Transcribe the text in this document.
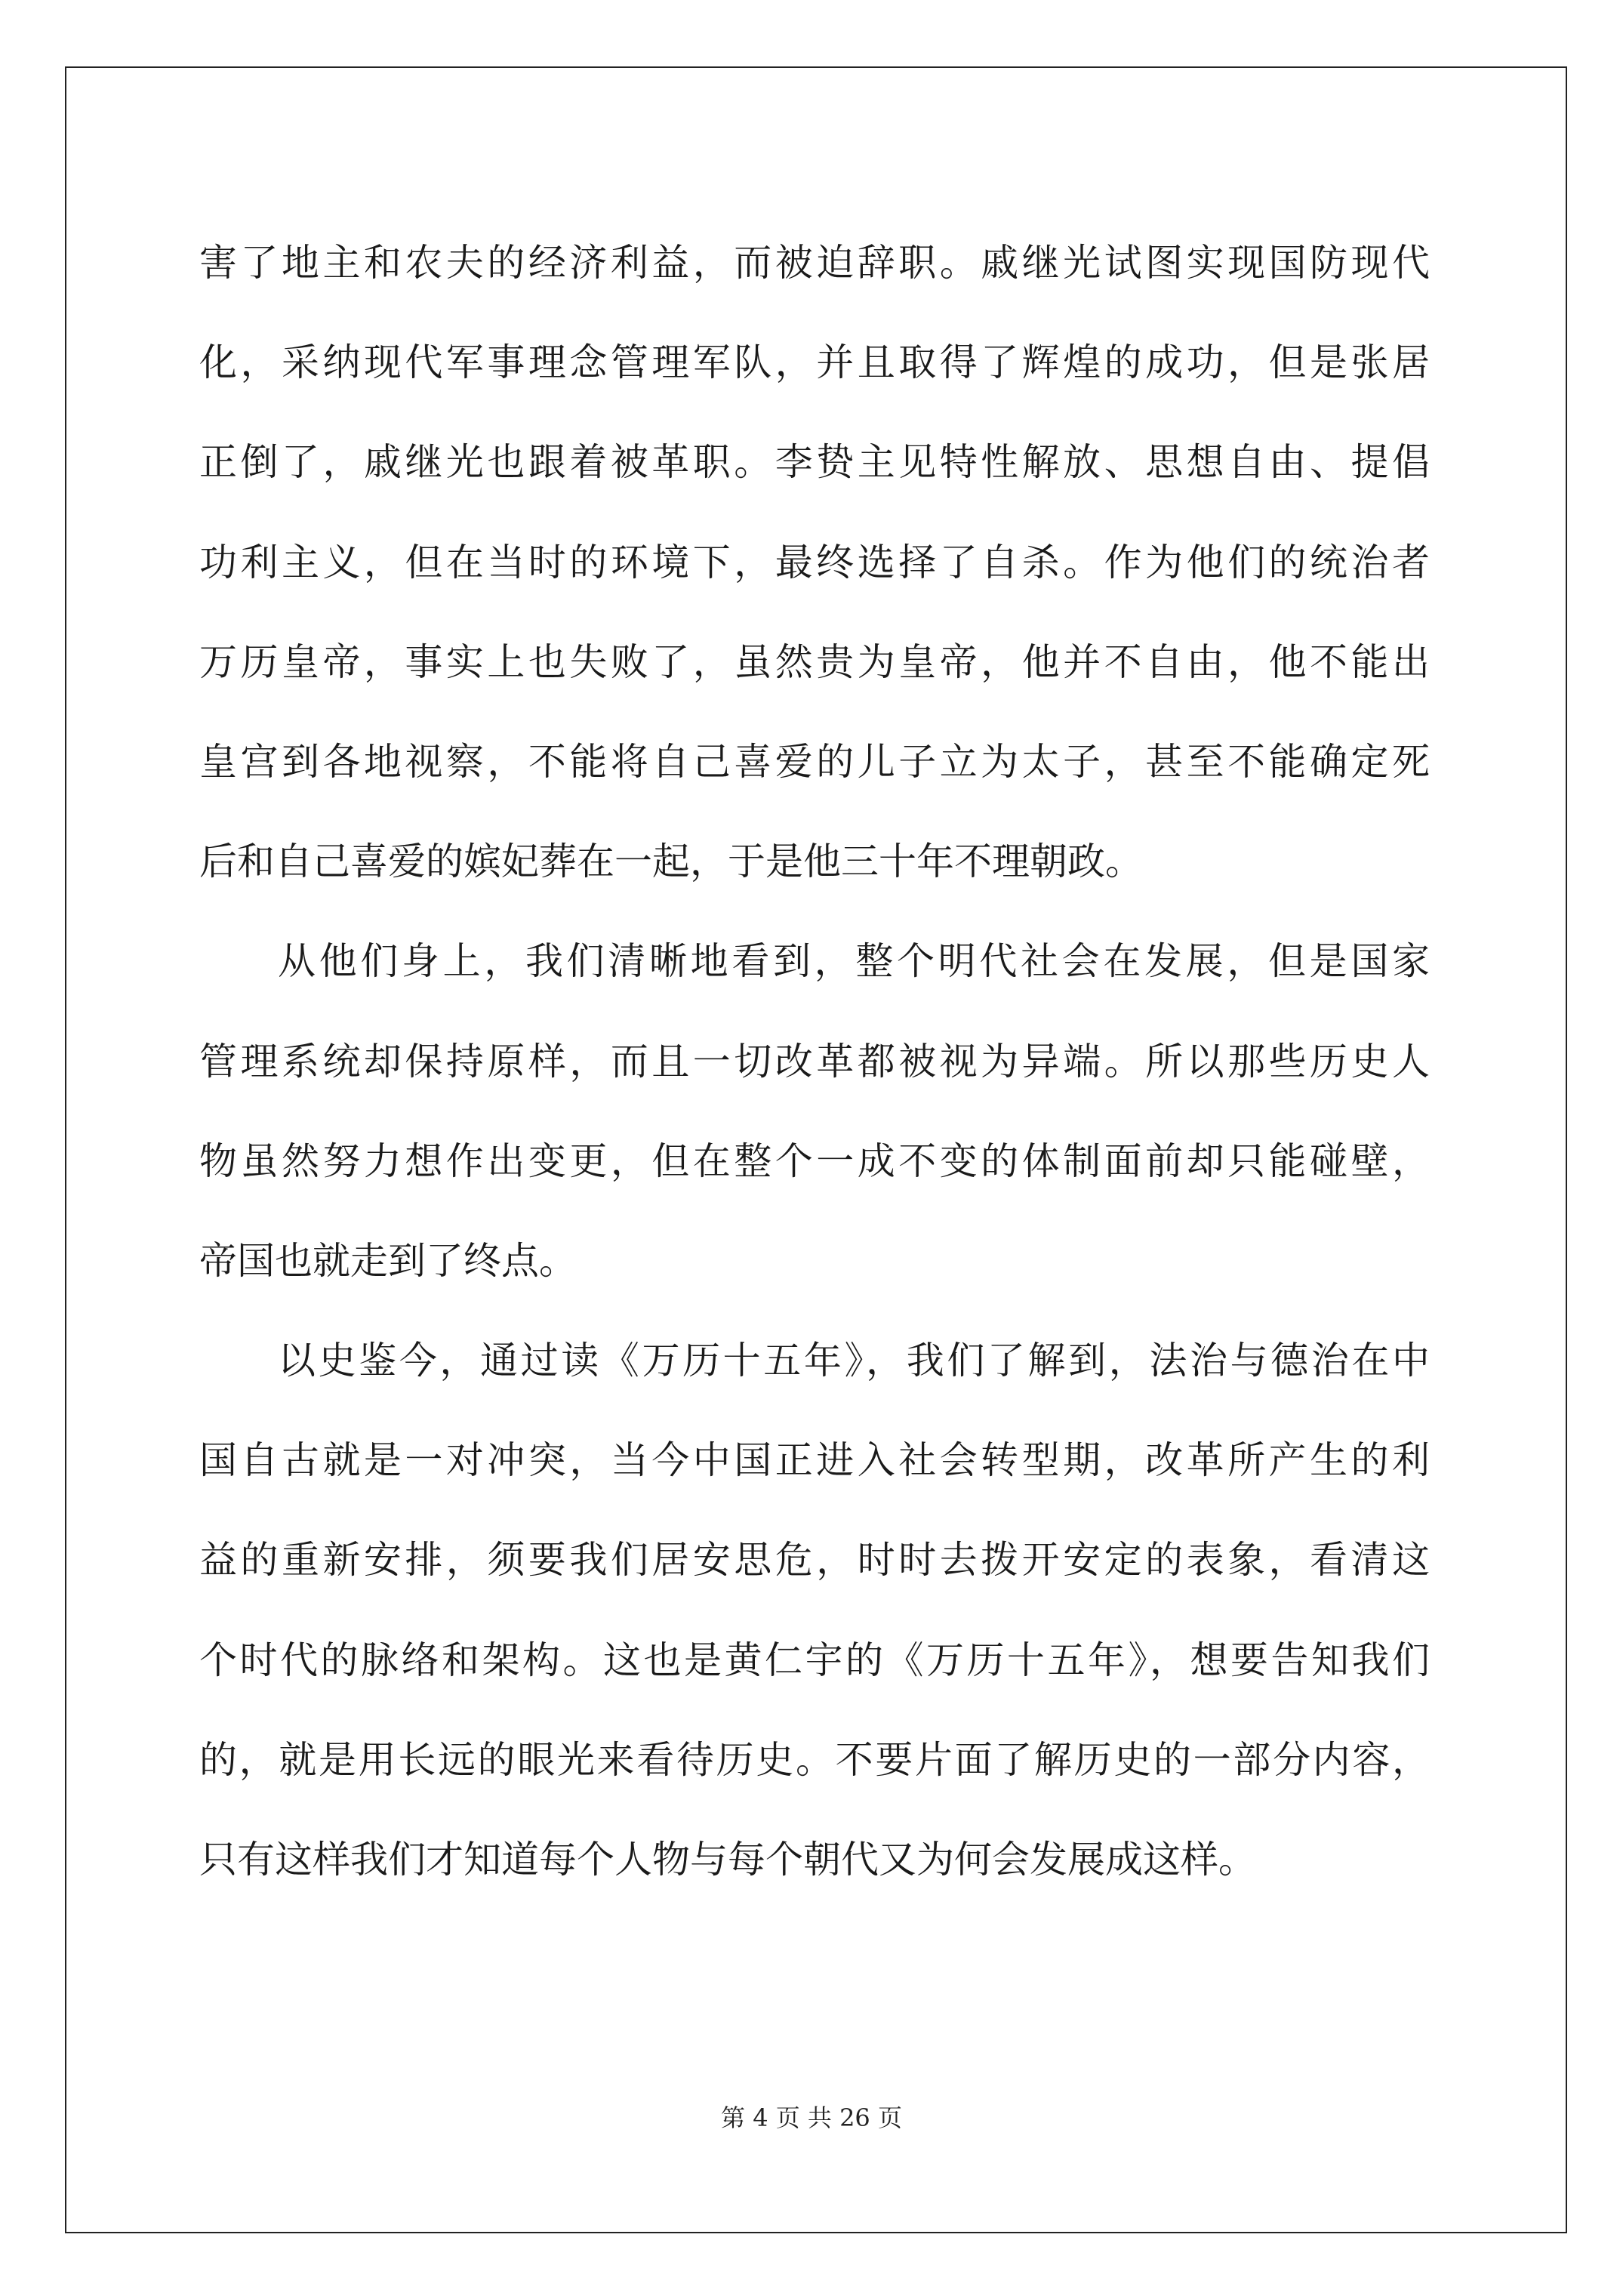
害了地主和农夫的经济利益，而被迫辞职。戚继光试图实现国防现代
化，采纳现代军事理念管理军队，并且取得了辉煌的成功，但是张居
正倒了，戚继光也跟着被革职。李贽主见特性解放、思想自由、提倡
功利主义，但在当时的环境下，最终选择了自杀。作为他们的统治者
万历皇帝，事实上也失败了，虽然贵为皇帝，他并不自由，他不能出
皇宫到各地视察，不能将自己喜爱的儿子立为太子，甚至不能确定死
后和自己喜爱的嫔妃葬在一起，于是他三十年不理朝政。
从他们身上，我们清晰地看到，整个明代社会在发展，但是国家
管理系统却保持原样，而且一切改革都被视为异端。所以那些历史人
物虽然努力想作出变更，但在整个一成不变的体制面前却只能碰壁，
帝国也就走到了终点。
以史鉴今，通过读《万历十五年》，我们了解到，法治与德治在中
国自古就是一对冲突，当今中国正进入社会转型期，改革所产生的利
益的重新安排，须要我们居安思危，时时去拨开安定的表象，看清这
个时代的脉络和架构。这也是黄仁宇的《万历十五年》，想要告知我们
的，就是用长远的眼光来看待历史。不要片面了解历史的一部分内容，
只有这样我们才知道每个人物与每个朝代又为何会发展成这样。
第 4 页 共 26 页
